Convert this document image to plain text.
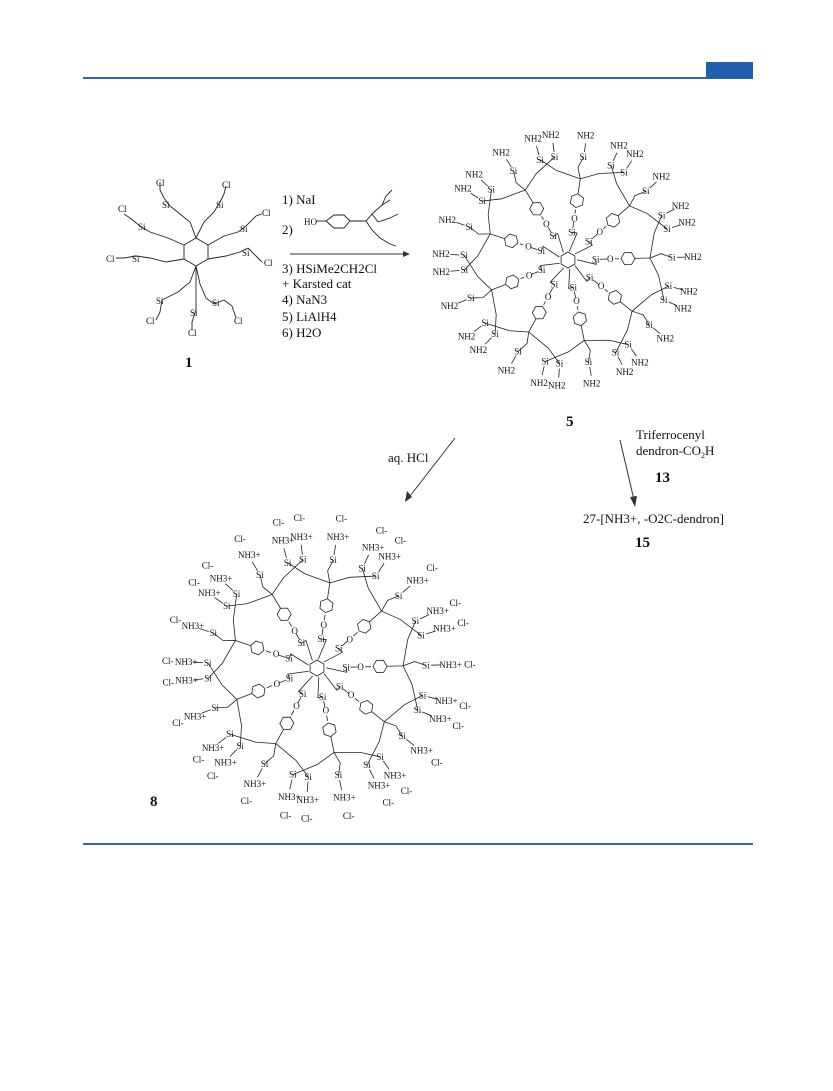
Cl	Cl
Cl	Cl
Cl	Cl
Cl	Cl
Cl
Si	Si
Si	Si
Si
Si
Si	Si
Si
1
1) NaI
2) HO
3) HSiMe2CH2Cl
+ Karsted cat
4) NaN3
5) LiAlH4
6) H2O
Si
O
Si
NH2
Si
NH2
Si
NH2
Si
O
Si
NH2
Si
NH2
Si
NH2
Si O
Si
NH2
Si NH2
Si
NH2
Si
O	Si
NH2
Si
NH2
Si
NH2
Si
O
Si
NH2
Si
NH2
Si
NH2
Si
O
Si
NH2
Si
NH2
Si
NH2
Si
O
Si
NH2
Si
NH2
Si
NH2	Si
O
Si
NH2
Si
NH2
Si
NH2
Si
O
Si
NH2
Si
NH2	Si
NH2
5
aq. HCl
Triferrocenyl
dendron-$CO_2H$
13
27-[NH3+, -O2C-dendron]
15
Si
O
Si
NH3+
Cl-
Si
NH3+
Cl-
Si
NH3+
Cl-
Si
O
Si
NH3+
Cl-
Si
NH3+
Cl-
Si
NH3+
Cl-
Si O
Si
NH3+
Cl-
Si NH3+ Cl-
Si
NH3+
Cl-
Si
O	Si
NH3+ Cl-
Si
NH3+
Cl-
Si
NH3+
Cl-
Si
O
Si
NH3+
Cl-
Si
NH3+
Cl-
Si
NH3+
Cl-
Si
O
Si
NH3+
Cl-
Si
NH3+
Cl-
Si
NH3+
Cl-
Si
O
Si
NH3+
Cl-
Si
NH3+
Cl-
Si
NH3+
Cl-	Si
O
Si
NH3+
Cl-
Si
NH3+
Cl-
Si
NH3+
Cl-
Si
O
Si
NH3+
Cl-
Si
NH3+
Cl-
Si
NH3+
Cl-
8
